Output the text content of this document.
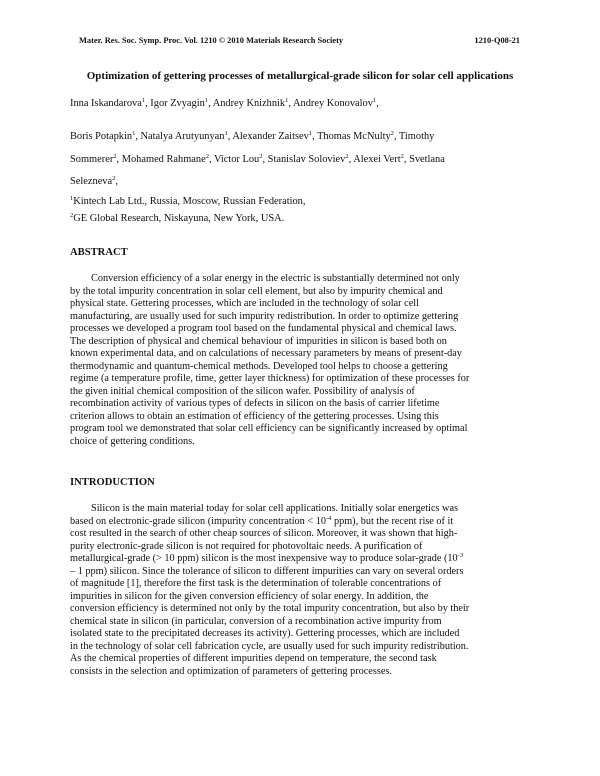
Mater. Res. Soc. Symp. Proc. Vol. 1210 © 2010 Materials Research Society	1210-Q08-21
Optimization of gettering processes of metallurgical-grade silicon for solar cell applications
Inna Iskandarova$^1$, Igor Zvyagin$^1$, Andrey Knizhnik$^1$, Andrey Konovalov$^1$,
Boris Potapkin$^1$, Natalya Arutyunyan$^1$, Alexander Zaitsev$^1$, Thomas McNulty$^2$, Timothy
Sommerer$^2$, Mohamed Rahmane$^2$, Victor Lou$^2$, Stanislav Soloviev$^2$, Alexei Vert$^2$, Svetlana
Selezneva$^2$,
$^1$Kintech Lab Ltd., Russia, Moscow, Russian Federation,
$^2$GE Global Research, Niskayuna, New York, USA.
ABSTRACT
Conversion efficiency of a solar energy in the electric is substantially determined not only
by the total impurity concentration in solar cell element, but also by impurity chemical and
physical state. Gettering processes, which are included in the technology of solar cell
manufacturing, are usually used for such impurity redistribution. In order to optimize gettering
processes we developed a program tool based on the fundamental physical and chemical laws.
The description of physical and chemical behaviour of impurities in silicon is based both on
known experimental data, and on calculations of necessary parameters by means of present-day
thermodynamic and quantum-chemical methods. Developed tool helps to choose a gettering
regime (a temperature profile, time, getter layer thickness) for optimization of these processes for
the given initial chemical composition of the silicon wafer. Possibility of analysis of
recombination activity of various types of defects in silicon on the basis of carrier lifetime
criterion allows to obtain an estimation of efficiency of the gettering processes. Using this
program tool we demonstrated that solar cell efficiency can be significantly increased by optimal
choice of gettering conditions.
INTRODUCTION
Silicon is the main material today for solar cell applications. Initially solar energetics was
based on electronic-grade silicon (impurity concentration < $10^{-4}$ ppm), but the recent rise of it
cost resulted in the search of other cheap sources of silicon. Moreover, it was shown that high-
purity electronic-grade silicon is not required for photovoltaic needs. A purification of
metallurgical-grade (> 10 ppm) silicon is the most inexpensive way to produce solar-grade ($10^{-3}$
– 1 ppm) silicon. Since the tolerance of silicon to different impurities can vary on several orders
of magnitude [1], therefore the first task is the determination of tolerable concentrations of
impurities in silicon for the given conversion efficiency of solar energy. In addition, the
conversion efficiency is determined not only by the total impurity concentration, but also by their
chemical state in silicon (in particular, conversion of a recombination active impurity from
isolated state to the precipitated decreases its activity). Gettering processes, which are included
in the technology of solar cell fabrication cycle, are usually used for such impurity redistribution.
As the chemical properties of different impurities depend on temperature, the second task
consists in the selection and optimization of parameters of gettering processes.
